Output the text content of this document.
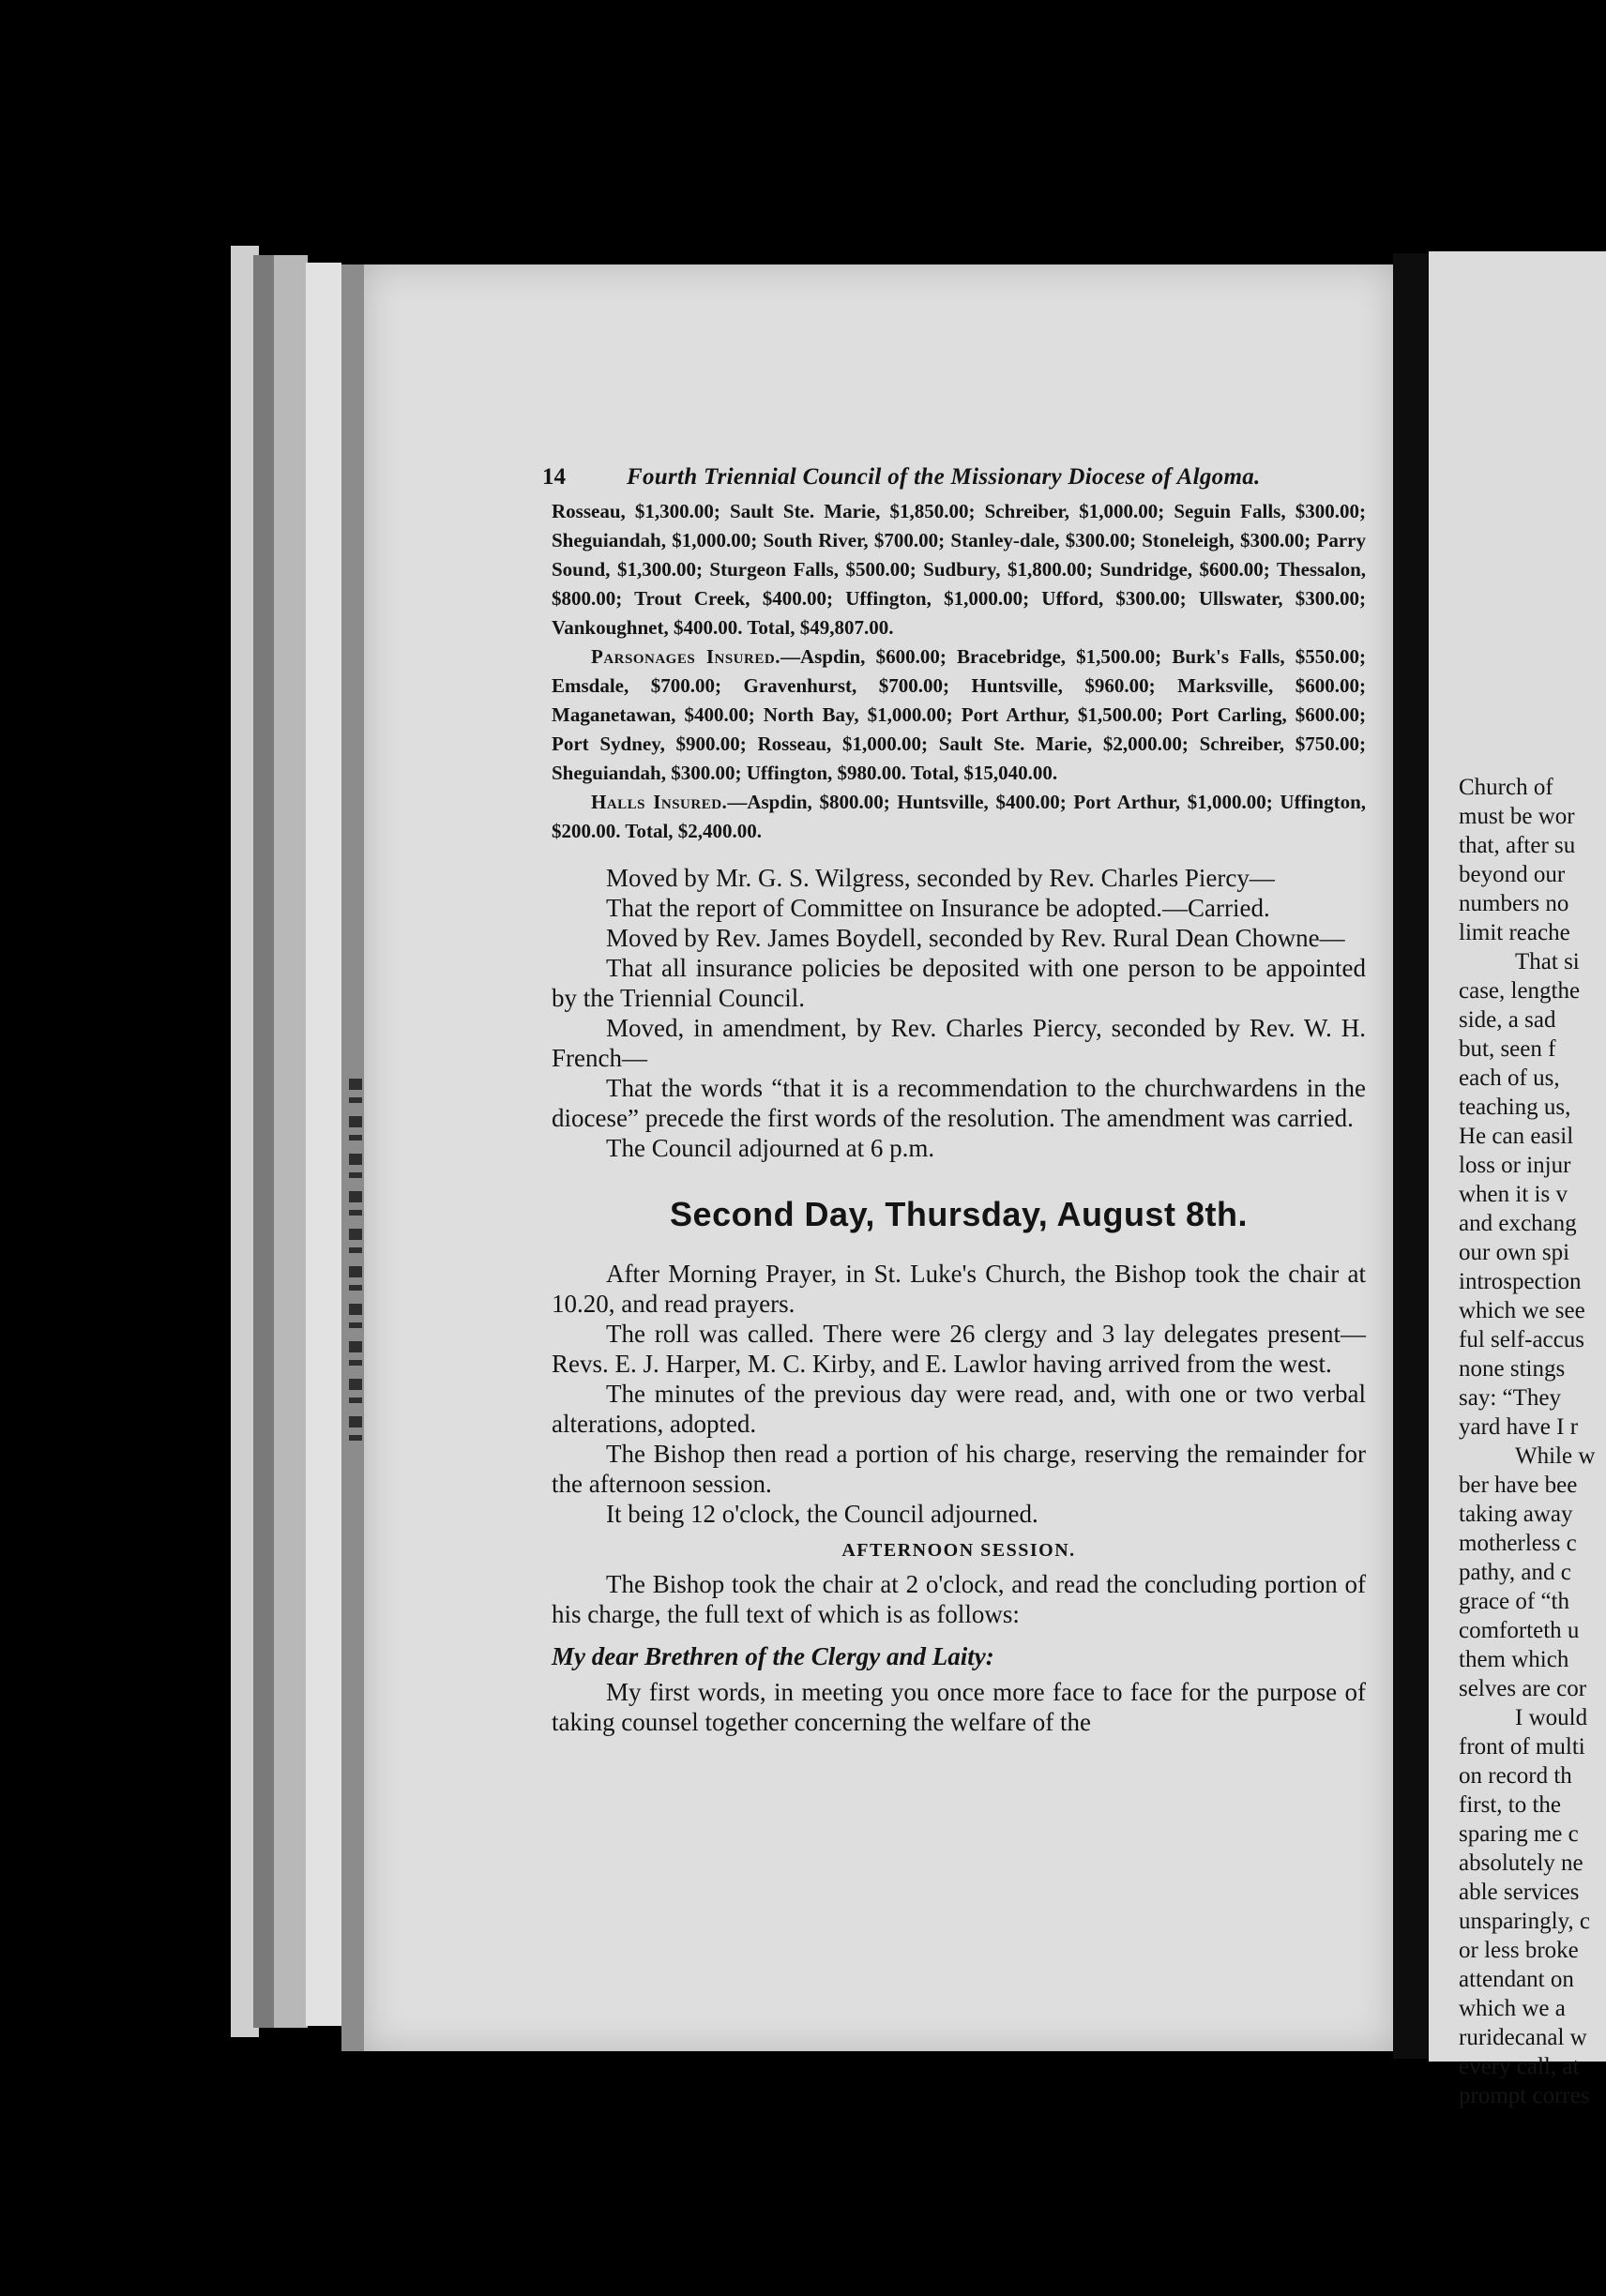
Church of
must be wor
that, after su
beyond our
numbers no
limit reache
That si
case, lengthe
side, a sad
but, seen f
each of us,
teaching us,
He can easil
loss or injur
when it is v
and exchang
our own spi
introspection
which we see
ful self-accus
none stings
say: “They
yard have I r
While w
ber have bee
taking away
motherless c
pathy, and c
grace of “th
comforteth u
them which
selves are cor
I would
front of multi
on record th
first, to the
sparing me c
absolutely ne
able services
unsparingly, c
or less broke
attendant on
which we a
ruridecanal w
every call, at
prompt corres
14	Fourth Triennial Council of the Missionary Diocese of Algoma.

Rosseau, $1,300.00; Sault Ste. Marie, $1,850.00; Schreiber, $1,000.00; Seguin Falls, $300.00; Sheguiandah, $1,000.00; South River, $700.00; Stanley-dale, $300.00; Stoneleigh, $300.00; Parry Sound, $1,300.00; Sturgeon Falls, $500.00; Sudbury, $1,800.00; Sundridge, $600.00; Thessalon, $800.00; Trout Creek, $400.00; Uffington, $1,000.00; Ufford, $300.00; Ullswater, $300.00; Vankoughnet, $400.00. Total, $49,807.00.

Parsonages Insured.—Aspdin, $600.00; Bracebridge, $1,500.00; Burk's Falls, $550.00; Emsdale, $700.00; Gravenhurst, $700.00; Huntsville, $960.00; Marksville, $600.00; Maganetawan, $400.00; North Bay, $1,000.00; Port Arthur, $1,500.00; Port Carling, $600.00; Port Sydney, $900.00; Rosseau, $1,000.00; Sault Ste. Marie, $2,000.00; Schreiber, $750.00; Sheguiandah, $300.00; Uffington, $980.00. Total, $15,040.00.

Halls Insured.—Aspdin, $800.00; Huntsville, $400.00; Port Arthur, $1,000.00; Uffington, $200.00. Total, $2,400.00.

Moved by Mr. G. S. Wilgress, seconded by Rev. Charles Piercy—

That the report of Committee on Insurance be adopted.—Carried.

Moved by Rev. James Boydell, seconded by Rev. Rural Dean Chowne—

That all insurance policies be deposited with one person to be appointed by the Triennial Council.

Moved, in amendment, by Rev. Charles Piercy, seconded by Rev. W. H. French—

That the words “that it is a recommendation to the churchwardens in the diocese” precede the first words of the resolution. The amendment was carried.

The Council adjourned at 6 p.m.

Second Day, Thursday, August 8th.

After Morning Prayer, in St. Luke's Church, the Bishop took the chair at 10.20, and read prayers.

The roll was called. There were 26 clergy and 3 lay delegates present—Revs. E. J. Harper, M. C. Kirby, and E. Lawlor having arrived from the west.

The minutes of the previous day were read, and, with one or two verbal alterations, adopted.

The Bishop then read a portion of his charge, reserving the remainder for the afternoon session.

It being 12 o'clock, the Council adjourned.

AFTERNOON SESSION.

The Bishop took the chair at 2 o'clock, and read the concluding portion of his charge, the full text of which is as follows:

My dear Brethren of the Clergy and Laity:

My first words, in meeting you once more face to face for the purpose of taking counsel together concerning the welfare of the
